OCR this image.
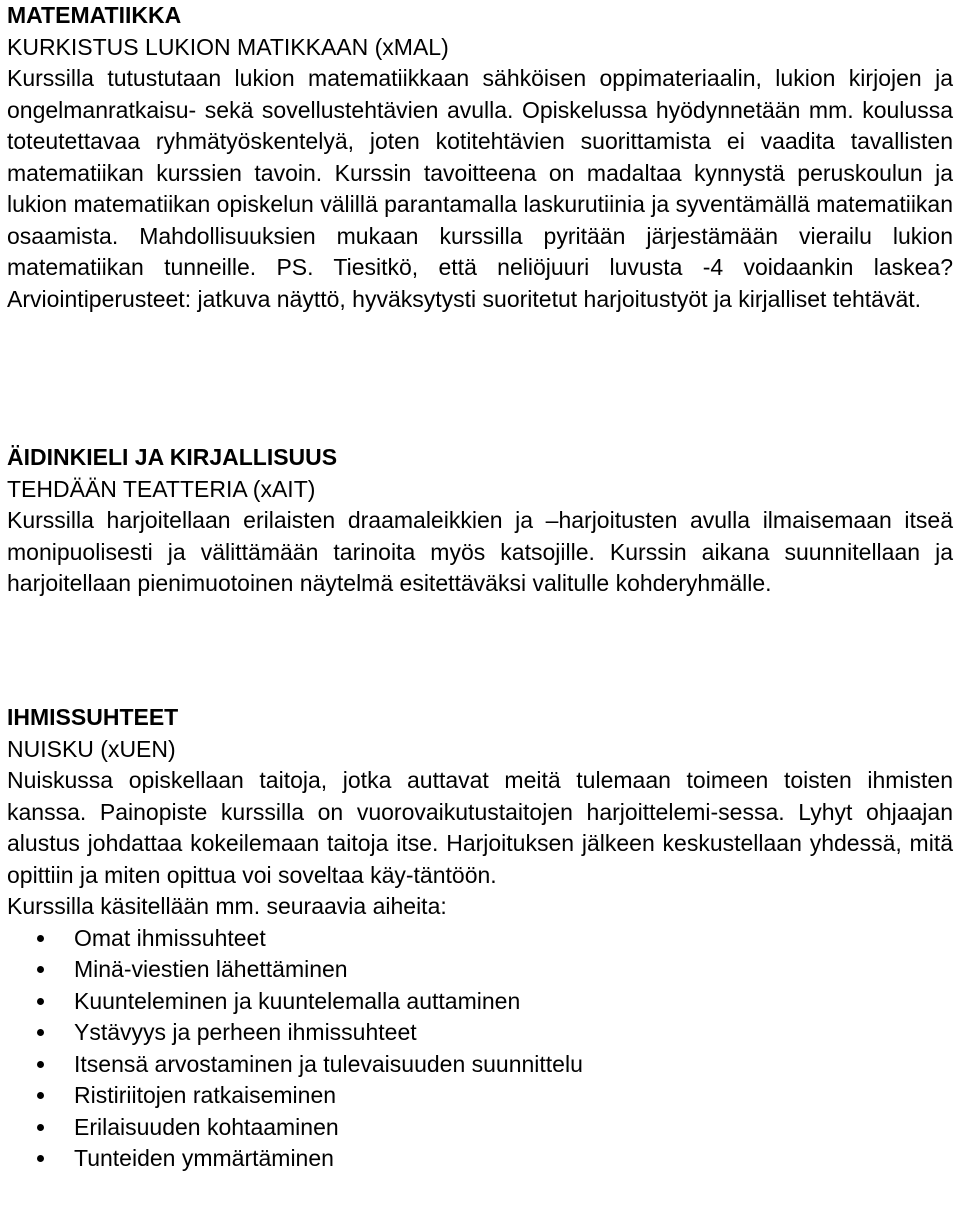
MATEMATIIKKA
KURKISTUS LUKION MATIKKAAN (xMAL)

Kurssilla tutustutaan lukion matematiikkaan sähköisen oppimateriaalin, lukion kirjojen ja ongelmanratkaisu- sekä sovellustehtävien avulla. Opiskelussa hyödynnetään mm. koulussa toteutettavaa ryhmätyöskentelyä, joten kotitehtävien suorittamista ei vaadita tavallisten matematiikan kurssien tavoin. Kurssin tavoitteena on madaltaa kynnystä peruskoulun ja lukion matematiikan opiskelun välillä parantamalla laskurutiinia ja syventämällä matematiikan osaamista. Mahdollisuuksien mukaan kurssilla pyritään järjestämään vierailu lukion matematiikan tunneille. PS. Tiesitkö, että neliöjuuri luvusta -4 voidaankin laskea? Arviointiperusteet: jatkuva näyttö, hyväksytysti suoritetut harjoitustyöt ja kirjalliset tehtävät.

ÄIDINKIELI JA KIRJALLISUUS
TEHDÄÄN TEATTERIA (xAIT)

Kurssilla harjoitellaan erilaisten draamaleikkien ja –harjoitusten avulla ilmaisemaan itseä monipuolisesti ja välittämään tarinoita myös katsojille. Kurssin aikana suunnitellaan ja harjoitellaan pienimuotoinen näytelmä esitettäväksi valitulle kohderyhmälle.

IHMISSUHTEET
NUISKU (xUEN)

Nuiskussa opiskellaan taitoja, jotka auttavat meitä tulemaan toimeen toisten ihmisten kanssa. Painopiste kurssilla on vuorovaikutustaitojen harjoittelemi-sessa. Lyhyt ohjaajan alustus johdattaa kokeilemaan taitoja itse. Harjoituksen jälkeen keskustellaan yhdessä, mitä opittiin ja miten opittua voi soveltaa käy-täntöön.

Kurssilla käsitellään mm. seuraavia aiheita:

Omat ihmissuhteet
Minä-viestien lähettäminen
Kuunteleminen ja kuuntelemalla auttaminen
Ystävyys ja perheen ihmissuhteet
Itsensä arvostaminen ja tulevaisuuden suunnittelu
Ristiriitojen ratkaiseminen
Erilaisuuden kohtaaminen
Tunteiden ymmärtäminen
